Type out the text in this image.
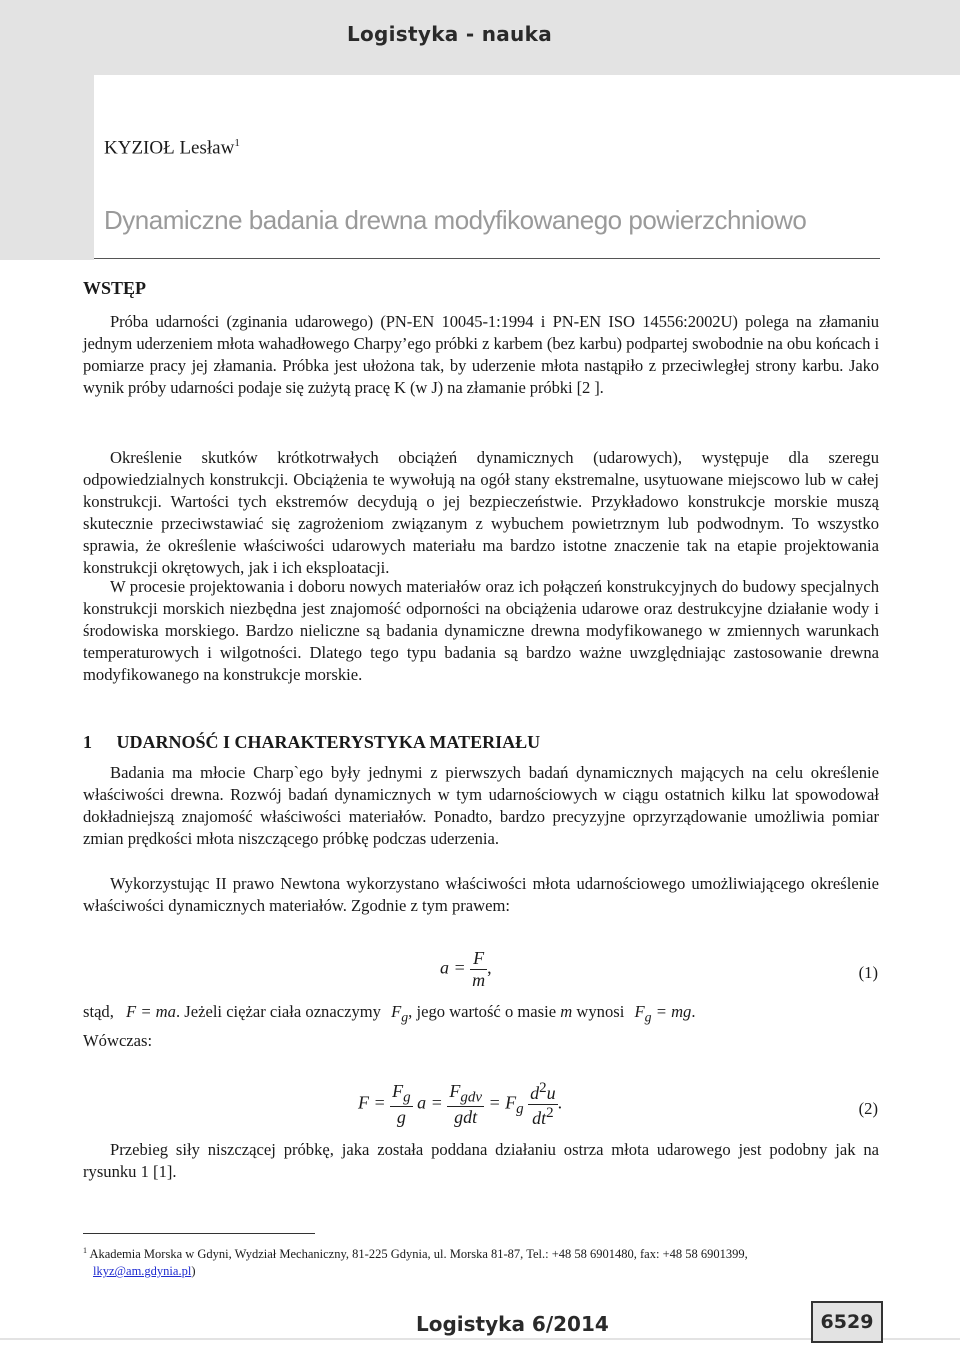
Logistyka - nauka
KYZIOŁ Lesław$^1$
Dynamiczne badania drewna modyfikowanego powierzchniowo
WSTĘP

Próba udarności (zginania udarowego) (PN-EN 10045-1:1994 i PN-EN ISO 14556:2002U) polega na złamaniu jednym uderzeniem młota wahadłowego Charpy’ego próbki z karbem (bez karbu) podpartej swobodnie na obu końcach i pomiarze pracy jej złamania. Próbka jest ułożona tak, by uderzenie młota nastąpiło z przeciwległej strony karbu. Jako wynik próby udarności podaje się zużytą pracę K (w J) na złamanie próbki [2 ].

Określenie skutków krótkotrwałych obciążeń dynamicznych (udarowych), występuje dla szeregu odpowiedzialnych konstrukcji. Obciążenia te wywołują na ogół stany ekstremalne, usytuowane miejscowo lub w całej konstrukcji. Wartości tych ekstremów decydują o jej bezpieczeństwie. Przykładowo konstrukcje morskie muszą skutecznie przeciwstawiać się zagrożeniom związanym z wybuchem powietrznym lub podwodnym. To wszystko sprawia, że określenie właściwości udarowych materiału ma bardzo istotne znaczenie tak na etapie projektowania konstrukcji okrętowych, jak i ich eksploatacji.

W procesie projektowania i doboru nowych materiałów oraz ich połączeń konstrukcyjnych do budowy specjalnych konstrukcji morskich niezbędna jest znajomość odporności na obciążenia udarowe oraz destrukcyjne działanie wody i środowiska morskiego. Bardzo nieliczne są badania dynamiczne drewna modyfikowanego w zmiennych warunkach temperaturowych i wilgotności. Dlatego tego typu badania są bardzo ważne uwzględniając zastosowanie drewna modyfikowanego na konstrukcje morskie.

1 UDARNOŚĆ I CHARAKTERYSTYKA MATERIAŁU

Badania ma młocie Charp`ego były jednymi z pierwszych badań dynamicznych mających na celu określenie właściwości drewna. Rozwój badań dynamicznych w tym udarnościowych w ciągu ostatnich kilku lat spowodował dokładniejszą znajomość właściwości materiałów. Ponadto, bardzo precyzyjne oprzyrządowanie umożliwia pomiar zmian prędkości młota niszczącego próbkę podczas uderzenia.

Wykorzystując II prawo Newtona wykorzystano właściwości młota udarnościowego umożliwiającego określenie właściwości dynamicznych materiałów. Zgodnie z tym prawem:

$a = \frac{F}{m}$ ,	(1)
stąd, F = ma. Jeżeli ciężar ciała oznaczymy $F_g$, jego wartość o masie m wynosi $F_g$ = mg.
Wówczas:
$F = \frac{F_g}{g}$ a =
$F_{gdv}$
gdt
= $F_g \frac{d^2u}{dt^2}$ .	(2)

Przebieg siły niszczącej próbkę, jaka została poddana działaniu ostrza młota udarowego jest podobny jak na rysunku 1 [1].

$^1$ Akademia Morska w Gdyni, Wydział Mechaniczny, 81-225 Gdynia, ul. Morska 81-87, Tel.: +48 58 6901480, fax: +48 58 6901399,
lkyz@am.gdynia.pl)
Logistyka 6/2014	6529
